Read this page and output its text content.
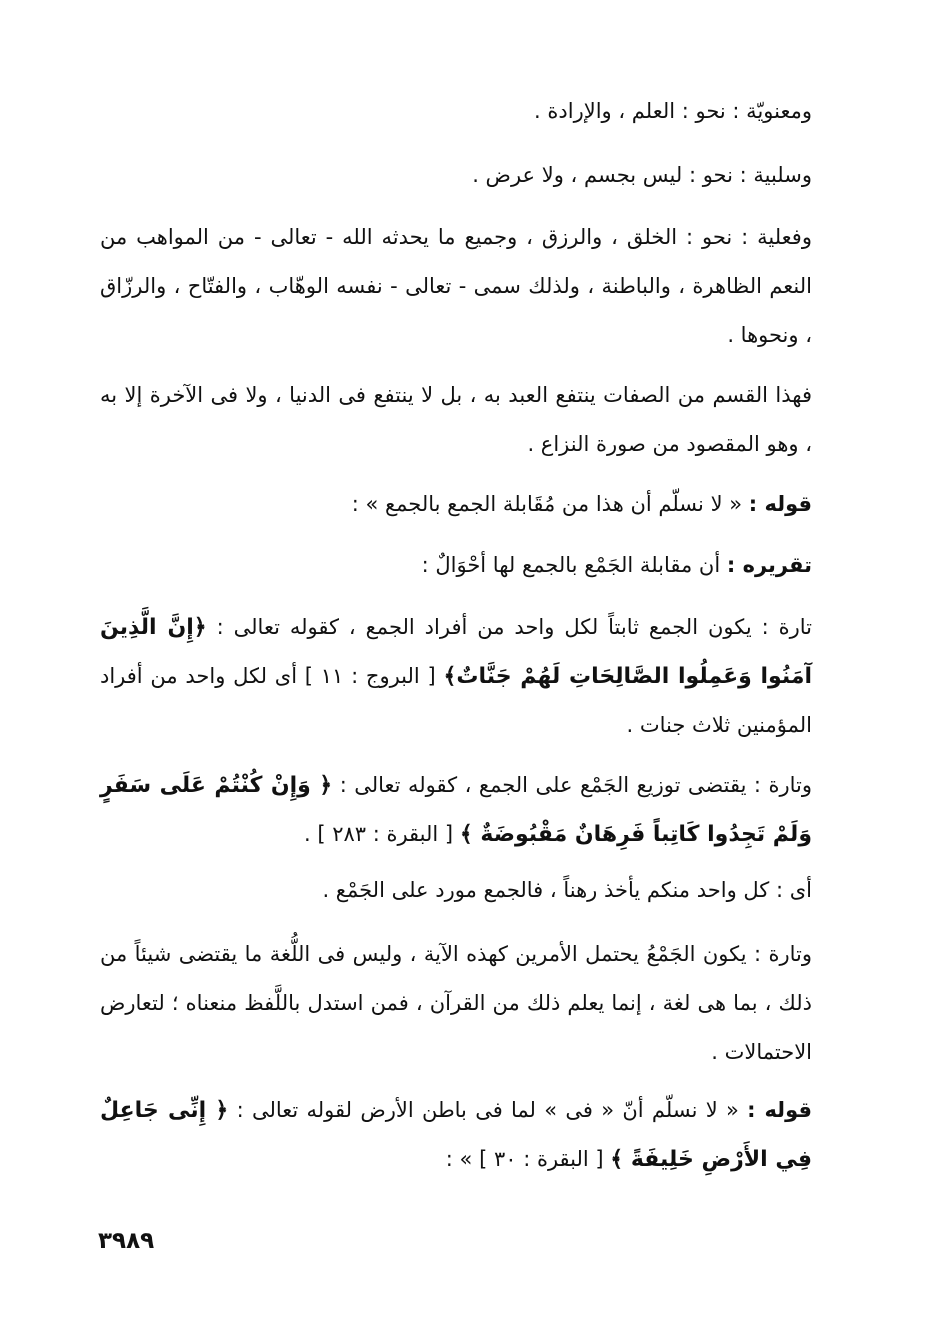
ومعنويّة : نحو : العلم ، والإرادة .

وسلبية : نحو : ليس بجسم ، ولا عرض .

وفعلية : نحو : الخلق ، والرزق ، وجميع ما يحدثه الله - تعالى - من المواهب من النعم الظاهرة ، والباطنة ، ولذلك سمى - تعالى - نفسه الوهّاب ، والفتّاح ، والرزّاق ، ونحوها .

فهذا القسم من الصفات ينتفع العبد به ، بل لا ينتفع فى الدنيا ، ولا فى الآخرة إلا به ، وهو المقصود من صورة النزاع .

قوله : « لا نسلّم أن هذا من مُقَابلة الجمع بالجمع » :

تقريره : أن مقابلة الجَمْع بالجمع لها أحْوَالٌ :

تارة : يكون الجمع ثابتاً لكل واحد من أفراد الجمع ، كقوله تعالى : ﴿إِنَّ الَّذِينَ آمَنُوا وَعَمِلُوا الصَّالِحَاتِ لَهُمْ جَنَّاتٌ﴾ [ البروج : ١١ ] أى لكل واحد من أفراد المؤمنين ثلاث جنات .

وتارة : يقتضى توزيع الجَمْع على الجمع ، كقوله تعالى : ﴿ وَإِنْ كُنْتُمْ عَلَى سَفَرٍ وَلَمْ تَجِدُوا كَاتِباً فَرِهَانٌ مَقْبُوضَةٌ ﴾ [ البقرة : ٢٨٣ ] .

أى : كل واحد منكم يأخذ رهناً ، فالجمع مورد على الجَمْع .

وتارة : يكون الجَمْعُ يحتمل الأمرين كهذه الآية ، وليس فى اللُّغة ما يقتضى شيئاً من ذلك ، بما هى لغة ، إنما يعلم ذلك من القرآن ، فمن استدل باللَّفظ منعناه ؛ لتعارض الاحتمالات .

قوله : « لا نسلّم أنّ « فى » لما فى باطن الأرض لقوله تعالى : ﴿ إِنِّى جَاعِلٌ فِي الأَرْضِ خَلِيفَةً ﴾ [ البقرة : ٣٠ ] » :

٣٩٨٩
